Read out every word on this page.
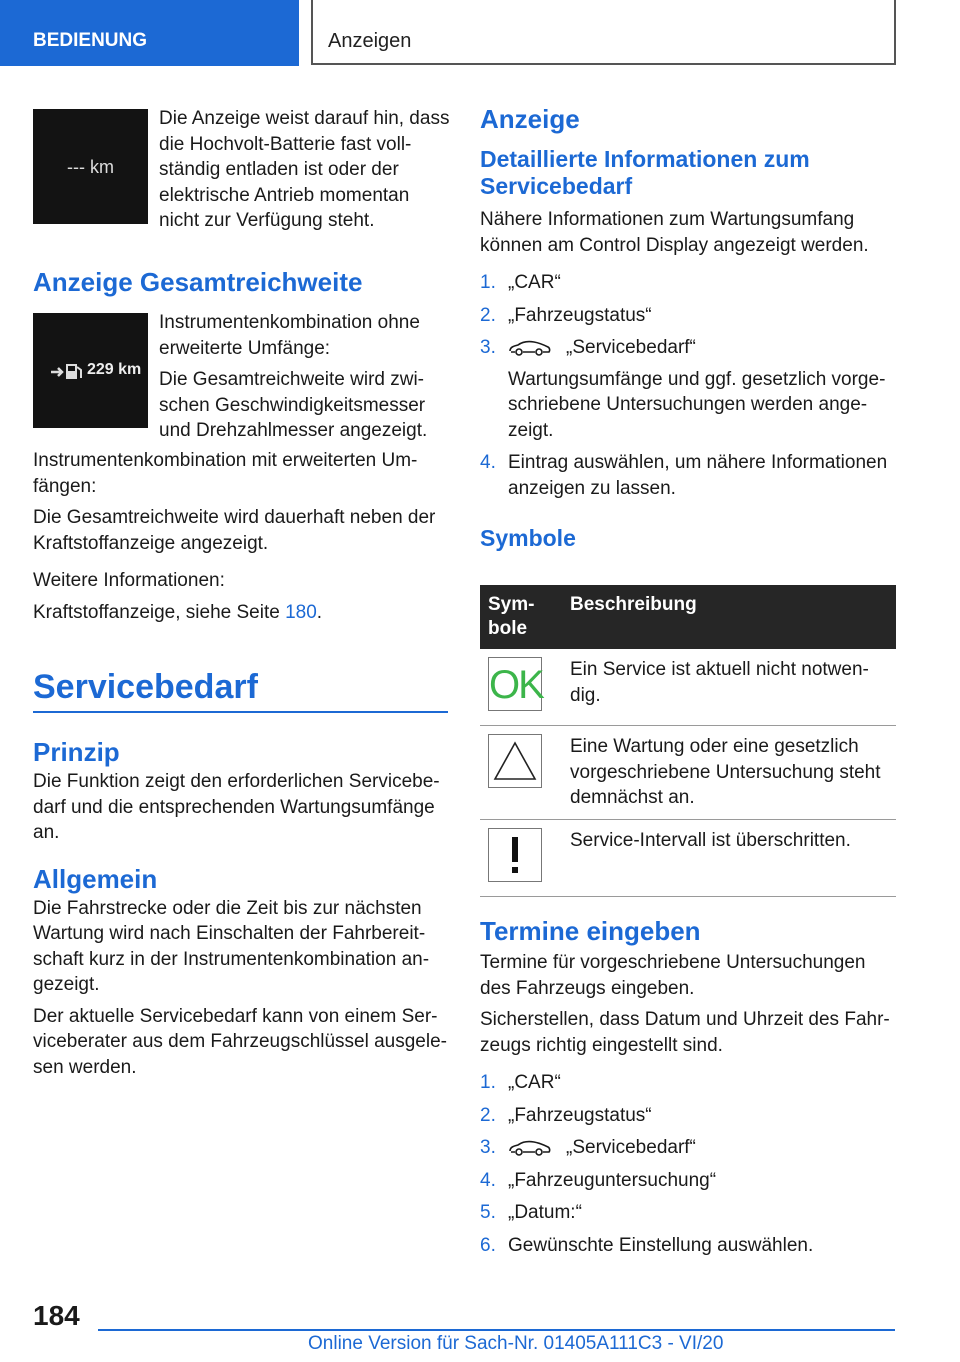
BEDIENUNG	Anzeigen
--- km

Die Anzeige weist darauf hin, dass die Hochvolt-Batterie fast voll-ständig entladen ist oder der elektrische Antrieb momentan nicht zur Verfügung steht.

Anzeige Gesamtreichweite
229 km

Instrumentenkombination ohne erweiterte Umfänge:

Die Gesamtreichweite wird zwi-schen Geschwindigkeitsmesser und Drehzahlmesser angezeigt.

Instrumentenkombination mit erweiterten Um-fängen:

Die Gesamtreichweite wird dauerhaft neben der Kraftstoffanzeige angezeigt.

Weitere Informationen:

Kraftstoffanzeige, siehe Seite 180.

Servicebedarf
Prinzip

Die Funktion zeigt den erforderlichen Servicebe-darf und die entsprechenden Wartungsumfänge an.

Allgemein

Die Fahrstrecke oder die Zeit bis zur nächsten Wartung wird nach Einschalten der Fahrbereit-schaft kurz in der Instrumentenkombination an-gezeigt.

Der aktuelle Servicebedarf kann von einem Ser-viceberater aus dem Fahrzeugschlüssel ausgele-sen werden.

Anzeige
Detaillierte Informationen zum Servicebedarf

Nähere Informationen zum Wartungsumfang können am Control Display angezeigt werden.

1. „CAR“
2. „Fahrzeugstatus“
3.	„Servicebedarf“
Wartungsumfänge und ggf. gesetzlich vorge-schriebene Untersuchungen werden ange-zeigt.
4. Eintrag auswählen, um nähere Informationen anzeigen zu lassen.
Symbole
Sym-bole	Beschreibung

OK	Ein Service ist aktuell nicht notwen-dig.

	Eine Wartung oder eine gesetzlich vorgeschriebene Untersuchung steht demnächst an.

	Service-Intervall ist überschritten.
Termine eingeben

Termine für vorgeschriebene Untersuchungen des Fahrzeugs eingeben.

Sicherstellen, dass Datum und Uhrzeit des Fahr-zeugs richtig eingestellt sind.

1. „CAR“
2. „Fahrzeugstatus“
3.	„Servicebedarf“
4. „Fahrzeuguntersuchung“
5. „Datum:“
6. Gewünschte Einstellung auswählen.
184
Online Version für Sach-Nr. 01405A111C3 - VI/20
